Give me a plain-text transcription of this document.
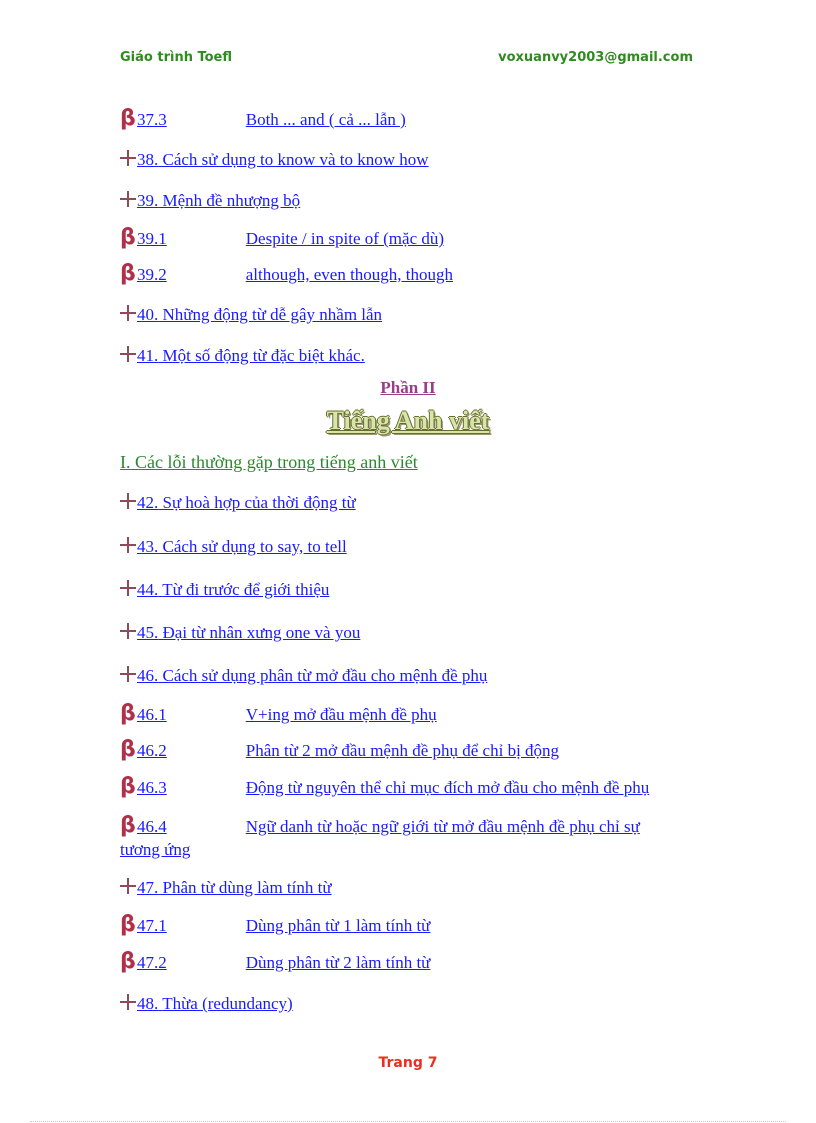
Giáo trình Toefl	voxuanvy2003@gmail.com
β37.3	Both ... and ( cả ... lẫn )
38. Cách sử dụng to know và to know how
39. Mệnh đề nhượng bộ
β39.1	Despite / in spite of (mặc dù)
β39.2	although, even though, though
40. Những động từ dễ gây nhầm lẫn
41. Một số động từ đặc biệt khác.
Phần II
Tiếng Anh viết
I. Các lỗi thường gặp trong tiếng anh viết
42. Sự hoà hợp của thời động từ
43. Cách sử dụng to say, to tell
44. Từ đi trước để giới thiệu
45. Đại từ nhân xưng one và you
46. Cách sử dụng phân từ mở đầu cho mệnh đề phụ
β46.1	V+ing mở đầu mệnh đề phụ
β46.2	Phân từ 2 mở đầu mệnh đề phụ để chỉ bị động
β46.3	Động từ nguyên thể chỉ mục đích mở đầu cho mệnh đề phụ
β46.4	Ngữ danh từ hoặc ngữ giới từ mở đầu mệnh đề phụ chỉ sự tương ứng
47. Phân từ dùng làm tính từ
β47.1	Dùng phân từ 1 làm tính từ
β47.2	Dùng phân từ 2 làm tính từ
48. Thừa (redundancy)
Trang 7
